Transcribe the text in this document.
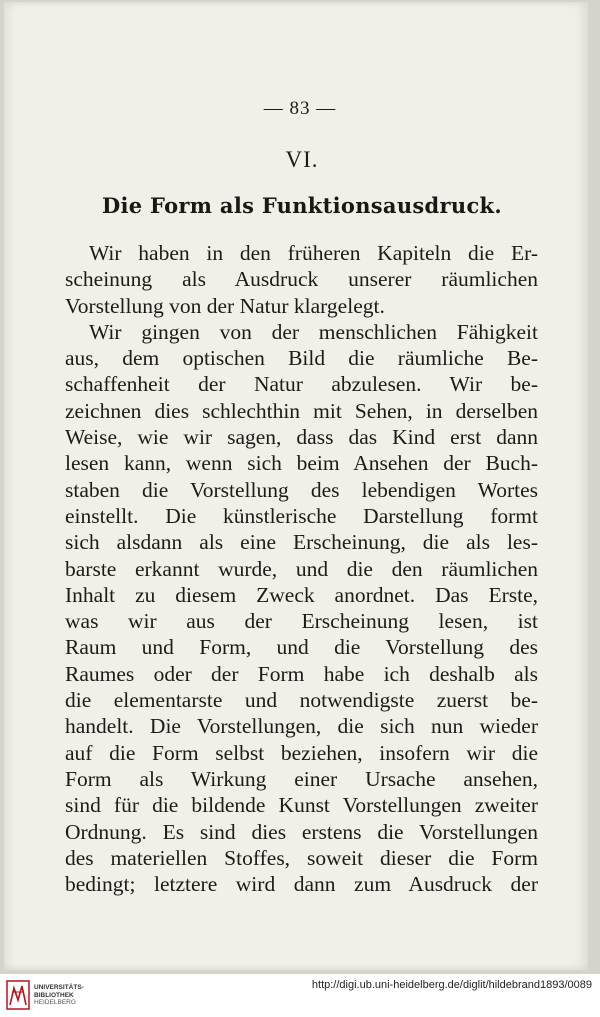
— 83 —
VI.
Die Form als Funktionsausdruck.
Wir haben in den früheren Kapiteln die Er-
scheinung als Ausdruck unserer räumlichen
Vorstellung von der Natur klargelegt.
Wir gingen von der menschlichen Fähigkeit
aus, dem optischen Bild die räumliche Be-
schaffenheit der Natur abzulesen. Wir be-
zeichnen dies schlechthin mit Sehen, in derselben
Weise, wie wir sagen, dass das Kind erst dann
lesen kann, wenn sich beim Ansehen der Buch-
staben die Vorstellung des lebendigen Wortes
einstellt. Die künstlerische Darstellung formt
sich alsdann als eine Erscheinung, die als les-
barste erkannt wurde, und die den räumlichen
Inhalt zu diesem Zweck anordnet. Das Erste,
was wir aus der Erscheinung lesen, ist
Raum und Form, und die Vorstellung des
Raumes oder der Form habe ich deshalb als
die elementarste und notwendigste zuerst be-
handelt. Die Vorstellungen, die sich nun wieder
auf die Form selbst beziehen, insofern wir die
Form als Wirkung einer Ursache ansehen,
sind für die bildende Kunst Vorstellungen zweiter
Ordnung. Es sind dies erstens die Vorstellungen
des materiellen Stoffes, soweit dieser die Form
bedingt; letztere wird dann zum Ausdruck der
UNIVERSITÄTS-
BIBLIOTHEK
HEIDELBERG
http://digi.ub.uni-heidelberg.de/diglit/hildebrand1893/0089
